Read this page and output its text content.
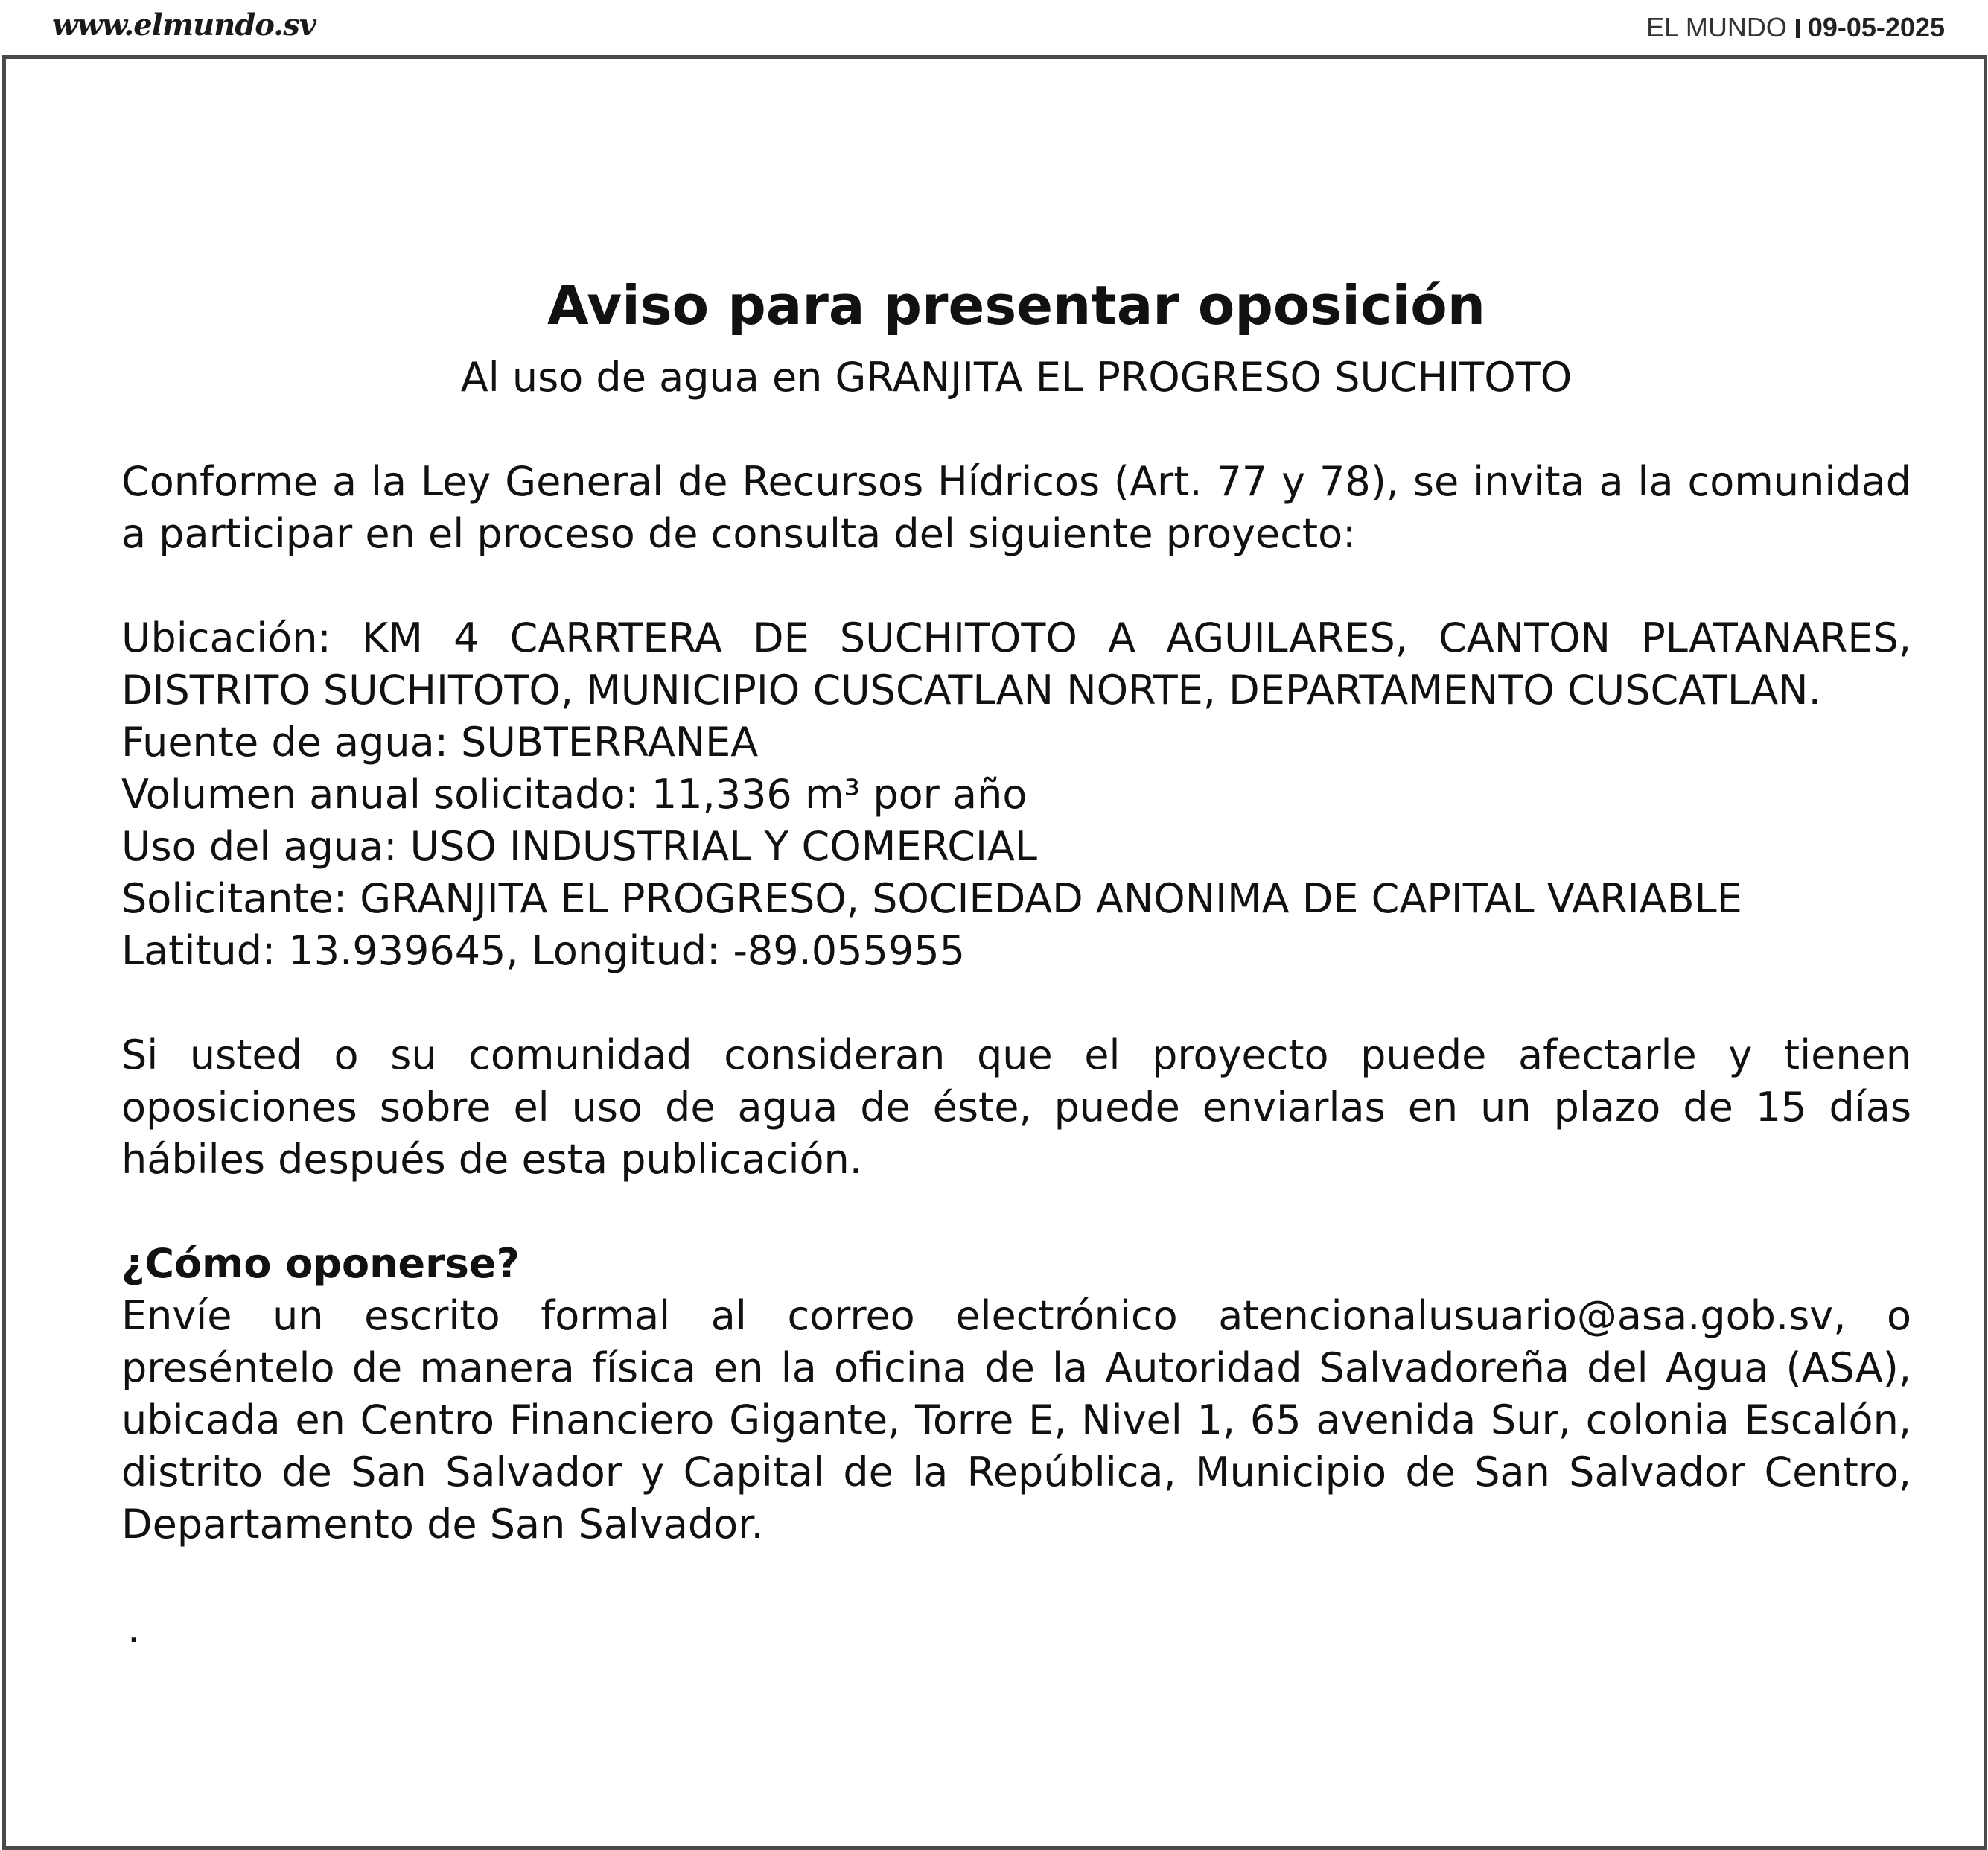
www.elmundo.sv	EL MUNDO 09-05-2025
Aviso para presentar oposición

Al uso de agua en GRANJITA EL PROGRESO SUCHITOTO

Conforme a la Ley General de Recursos Hídricos (Art. 77 y 78), se invita a la comunidad a participar en el proceso de consulta del siguiente proyecto:

Ubicación: KM 4 CARRTERA DE SUCHITOTO A AGUILARES, CANTON PLATANARES, DISTRITO SUCHITOTO, MUNICIPIO CUSCATLAN NORTE, DEPARTAMENTO CUSCATLAN.

Fuente de agua: SUBTERRANEA

Volumen anual solicitado: 11,336 m³ por año

Uso del agua: USO INDUSTRIAL Y COMERCIAL

Solicitante: GRANJITA EL PROGRESO, SOCIEDAD ANONIMA DE CAPITAL VARIABLE

Latitud: 13.939645, Longitud: -89.055955

Si usted o su comunidad consideran que el proyecto puede afectarle y tienen oposiciones sobre el uso de agua de éste, puede enviarlas en un plazo de 15 días hábiles después de esta publicación.

¿Cómo oponerse?

Envíe un escrito formal al correo electrónico atencionalusuario@asa.gob.sv, o preséntelo de manera física en la oficina de la Autoridad Salvadoreña del Agua (ASA), ubicada en Centro Financiero Gigante, Torre E, Nivel 1, 65 avenida Sur, colonia Escalón, distrito de San Salvador y Capital de la República, Municipio de San Salvador Centro, Departamento de San Salvador.

.
